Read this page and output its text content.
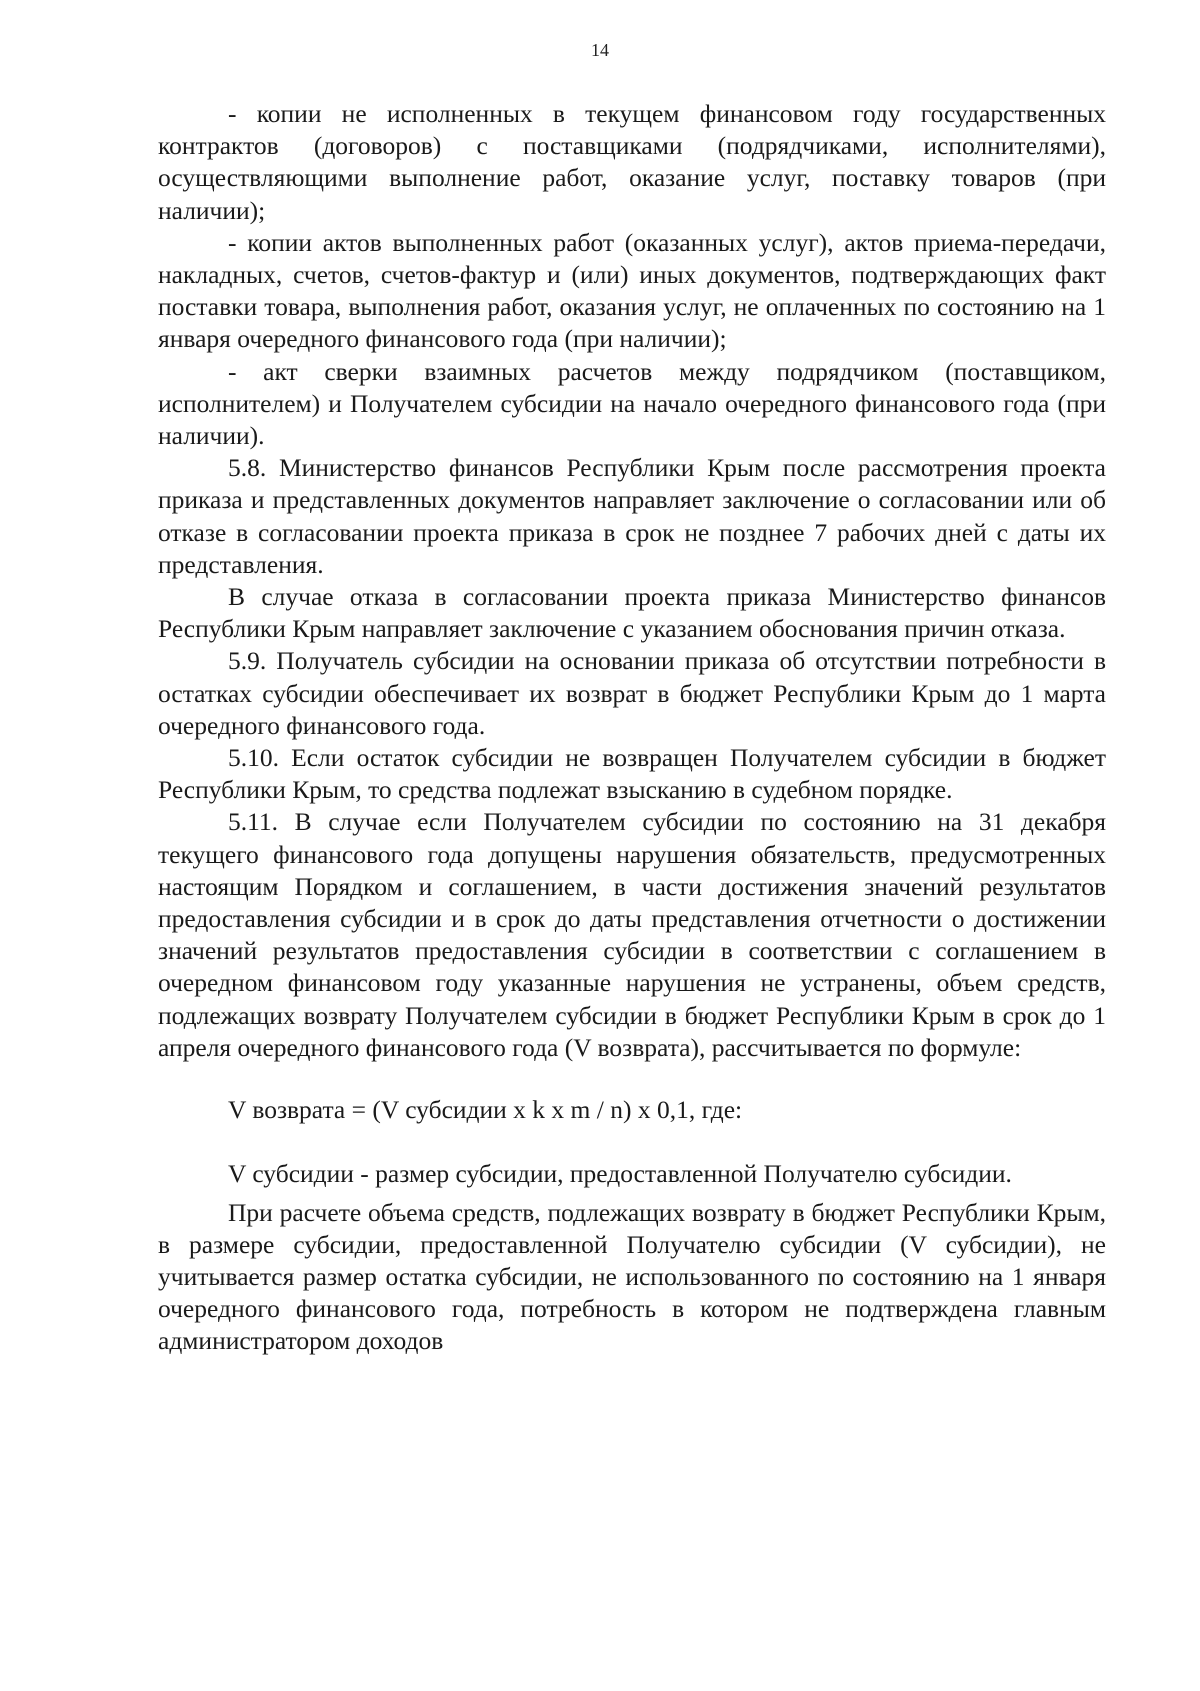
14

- копии не исполненных в текущем финансовом году государственных контрактов (договоров) с поставщиками (подрядчиками, исполнителями), осуществляющими выполнение работ, оказание услуг, поставку товаров (при наличии);

- копии актов выполненных работ (оказанных услуг), актов приема-передачи, накладных, счетов, счетов-фактур и (или) иных документов, подтверждающих факт поставки товара, выполнения работ, оказания услуг, не оплаченных по состоянию на 1 января очередного финансового года (при наличии);

- акт сверки взаимных расчетов между подрядчиком (поставщиком, исполнителем) и Получателем субсидии на начало очередного финансового года (при наличии).

5.8. Министерство финансов Республики Крым после рассмотрения проекта приказа и представленных документов направляет заключение о согласовании или об отказе в согласовании проекта приказа в срок не позднее 7 рабочих дней с даты их представления.

В случае отказа в согласовании проекта приказа Министерство финансов Республики Крым направляет заключение с указанием обоснования причин отказа.

5.9. Получатель субсидии на основании приказа об отсутствии потребности в остатках субсидии обеспечивает их возврат в бюджет Республики Крым до 1 марта очередного финансового года.

5.10. Если остаток субсидии не возвращен Получателем субсидии в бюджет Республики Крым, то средства подлежат взысканию в судебном порядке.

5.11. В случае если Получателем субсидии по состоянию на 31 декабря текущего финансового года допущены нарушения обязательств, предусмотренных настоящим Порядком и соглашением, в части достижения значений результатов предоставления субсидии и в срок до даты представления отчетности о достижении значений результатов предоставления субсидии в соответствии с соглашением в очередном финансовом году указанные нарушения не устранены, объем средств, подлежащих возврату Получателем субсидии в бюджет Республики Крым в срок до 1 апреля очередного финансового года (V возврата), рассчитывается по формуле:

V возврата = (V субсидии x k x m / n) x 0,1, где:

V субсидии - размер субсидии, предоставленной Получателю субсидии.

При расчете объема средств, подлежащих возврату в бюджет Республики Крым, в размере субсидии, предоставленной Получателю субсидии (V субсидии), не учитывается размер остатка субсидии, не использованного по состоянию на 1 января очередного финансового года, потребность в котором не подтверждена главным администратором доходов
